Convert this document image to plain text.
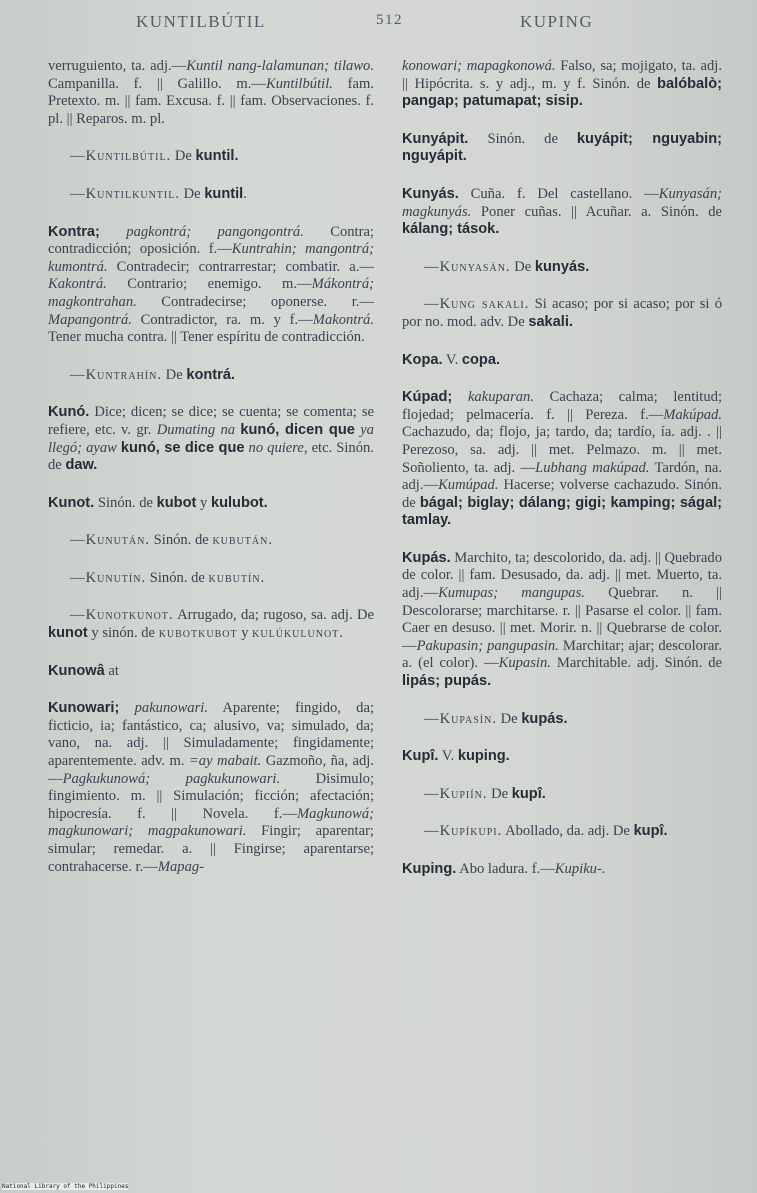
KUNTILBÚTIL	512	KUPING

verruguiento, ta. adj.—Kuntil nang-lalamunan; tilawo. Campanilla. f. || Galillo. m.—Kuntilbútil. fam. Pretexto. m. || fam. Excusa. f. || fam. Observaciones. f. pl. || Reparos. m. pl.

—Kuntilbútil. De kuntil.

—Kuntilkuntil. De kuntil.

Kontra; pagkontrá; pangongontrá. Contra; contradicción; oposición. f.—Kuntrahin; mangontrá; kumontrá. Contradecir; contrarrestar; combatir. a.—Kakontrá. Contrario; enemigo. m.—Mákontrá; magkontrahan. Contradecirse; oponerse. r.—Mapangontrá. Contradictor, ra. m. y f.—Makontrá. Tener mucha contra. || Tener espíritu de contradicción.

—Kuntrahín. De kontrá.

Kunó. Dice; dicen; se dice; se cuenta; se comenta; se refiere, etc. v. gr. Dumating na kunó, dicen que ya llegó; ayaw kunó, se dice que no quiere, etc. Sinón. de daw.

Kunot. Sinón. de kubot y kulubot.

—Kunután. Sinón. de kubután.

—Kunutín. Sinón. de kubutín.

—Kunotkunot. Arrugado, da; rugoso, sa. adj. De kunot y sinón. de kubotkubot y kulúkulunot.

Kunowâ at

Kunowari; pakunowari. Aparente; fingido, da; ficticio, ia; fantástico, ca; alusivo, va; simulado, da; vano, na. adj. || Simuladamente; fingidamente; aparentemente. adv. m. =ay mabait. Gazmoño, ña, adj.—Pagkukunowá; pagkukunowari. Disimulo; fingimiento. m. || Simulación; ficción; afectación; hipocresía. f. || Novela. f.—Magkunowá; magkunowari; magpakunowari. Fingir; aparentar; simular; remedar. a. || Fingirse; aparentarse; contrahacerse. r.—Mapag-

konowari; mapagkonowá. Falso, sa; mojigato, ta. adj. || Hipócrita. s. y adj., m. y f. Sinón. de balóbalò; pangap; patumapat; sisip.

Kunyápit. Sinón. de kuyápit; nguyabin; nguyápit.

Kunyás. Cuña. f. Del castellano. —Kunyasán; magkunyás. Poner cuñas. || Acuñar. a. Sinón. de kálang; tások.

—Kunyasán. De kunyás.

—Kung sakali. Si acaso; por si acaso; por si ó por no. mod. adv. De sakali.

Kopa. V. copa.

Kúpad; kakuparan. Cachaza; calma; lentitud; flojedad; pelmacería. f. || Pereza. f.—Makúpad. Cachazudo, da; flojo, ja; tardo, da; tardío, ía. adj. . || Perezoso, sa. adj. || met. Pelmazo. m. || met. Soñoliento, ta. adj. —Lubhang makúpad. Tardón, na. adj.—Kumúpad. Hacerse; volverse cachazudo. Sinón. de bágal; biglay; dálang; gigi; kamping; ságal; tamlay.

Kupás. Marchito, ta; descolorido, da. adj. || Quebrado de color. || fam. Desusado, da. adj. || met. Muerto, ta. adj.—Kumupas; mangupas. Quebrar. n. || Descolorarse; marchitarse. r. || Pasarse el color. || fam. Caer en desuso. || met. Morir. n. || Quebrarse de color.—Pakupasin; pangupasin. Marchitar; ajar; descolorar. a. (el color). —Kupasin. Marchitable. adj. Sinón. de lipás; pupás.

—Kupasín. De kupás.

Kupî. V. kuping.

—Kupiín. De kupî.

—Kupíkupi. Abollado, da. adj. De kupî.

Kuping. Abo ladura. f.—Kupiku-.

National Library of the Philippines
